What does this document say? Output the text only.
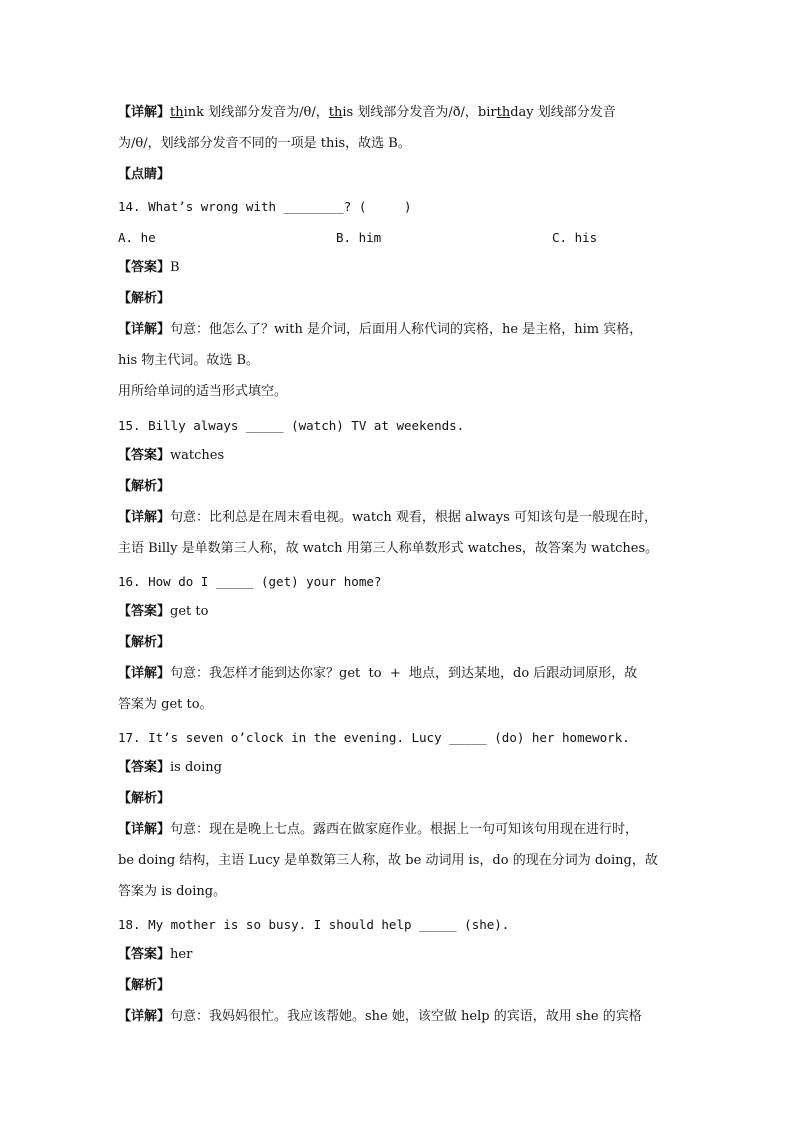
【详解】think 划线部分发音为/θ/，this 划线部分发音为/ð/，birthday 划线部分发音
为/θ/，划线部分发音不同的一项是 this，故选 B。
【点睛】
14. What’s wrong with ________? (     )
A. he	B. him	C. his
【答案】B
【解析】
【详解】句意：他怎么了？with 是介词，后面用人称代词的宾格，he 是主格，him 宾格，
his 物主代词。故选 B。
用所给单词的适当形式填空。
15. Billy always _____ (watch) TV at weekends.
【答案】watches
【解析】
【详解】句意：比利总是在周末看电视。watch 观看，根据 always 可知该句是一般现在时，
主语 Billy 是单数第三人称，故 watch 用第三人称单数形式 watches，故答案为 watches。
16. How do I _____ (get) your home?
【答案】get to
【解析】
【详解】句意：我怎样才能到达你家？get  to  +  地点，到达某地，do 后跟动词原形，故
答案为 get to。
17. It’s seven o’clock in the evening. Lucy _____ (do) her homework.
【答案】is doing
【解析】
【详解】句意：现在是晚上七点。露西在做家庭作业。根据上一句可知该句用现在进行时，
be doing 结构，主语 Lucy 是单数第三人称，故 be 动词用 is，do 的现在分词为 doing，故
答案为 is doing。
18. My mother is so busy. I should help _____ (she).
【答案】her
【解析】
【详解】句意：我妈妈很忙。我应该帮她。she 她，该空做 help 的宾语，故用 she 的宾格
